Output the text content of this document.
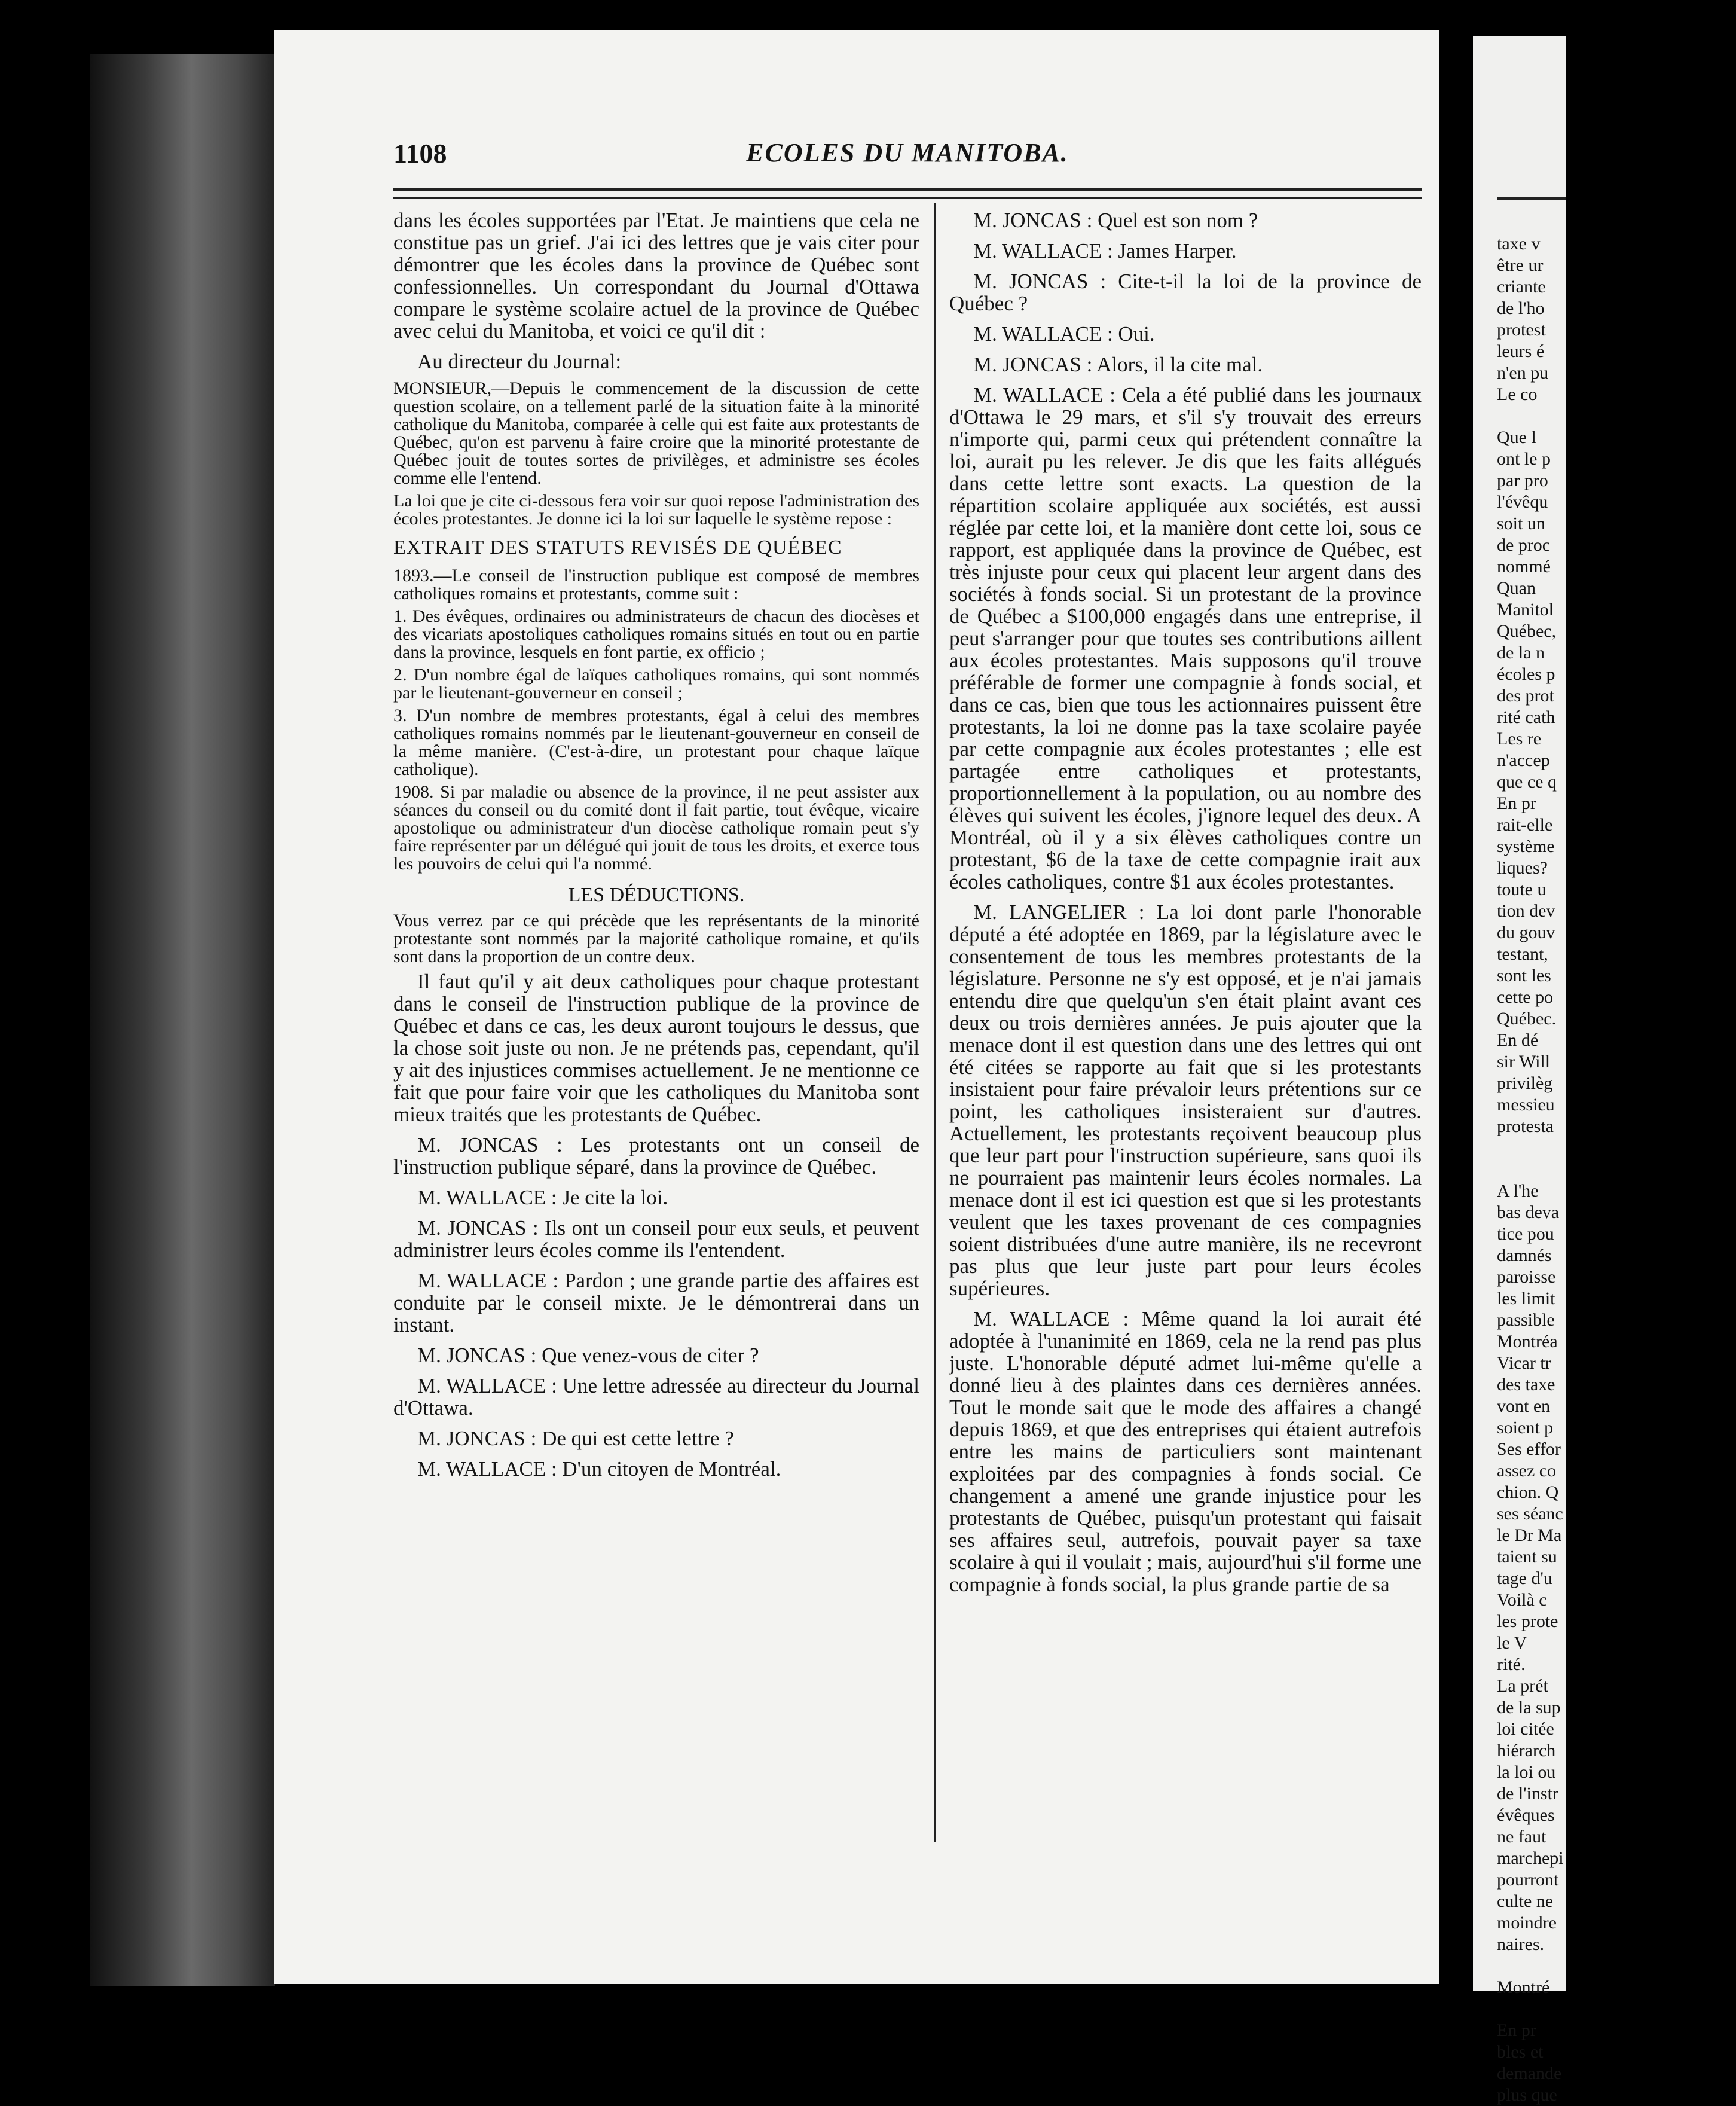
1108	ECOLES DU MANITOBA.

dans les écoles supportées par l'Etat. Je maintiens que cela ne constitue pas un grief. J'ai ici des lettres que je vais citer pour démontrer que les écoles dans la province de Québec sont confessionnelles. Un correspondant du Journal d'Ottawa compare le système scolaire actuel de la province de Québec avec celui du Manitoba, et voici ce qu'il dit :

Au directeur du Journal:

MONSIEUR,—Depuis le commencement de la discussion de cette question scolaire, on a tellement parlé de la situation faite à la minorité catholique du Manitoba, comparée à celle qui est faite aux protestants de Québec, qu'on est parvenu à faire croire que la minorité protestante de Québec jouit de toutes sortes de privilèges, et administre ses écoles comme elle l'entend.

La loi que je cite ci-dessous fera voir sur quoi repose l'administration des écoles protestantes. Je donne ici la loi sur laquelle le système repose :

EXTRAIT DES STATUTS REVISÉS DE QUÉBEC

1893.—Le conseil de l'instruction publique est composé de membres catholiques romains et protestants, comme suit :

1. Des évêques, ordinaires ou administrateurs de chacun des diocèses et des vicariats apostoliques catholiques romains situés en tout ou en partie dans la province, lesquels en font partie, ex officio ;

2. D'un nombre égal de laïques catholiques romains, qui sont nommés par le lieutenant-gouverneur en conseil ;

3. D'un nombre de membres protestants, égal à celui des membres catholiques romains nommés par le lieutenant-gouverneur en conseil de la même manière. (C'est-à-dire, un protestant pour chaque laïque catholique).

1908. Si par maladie ou absence de la province, il ne peut assister aux séances du conseil ou du comité dont il fait partie, tout évêque, vicaire apostolique ou administrateur d'un diocèse catholique romain peut s'y faire représenter par un délégué qui jouit de tous les droits, et exerce tous les pouvoirs de celui qui l'a nommé.

LES DÉDUCTIONS.

Vous verrez par ce qui précède que les représentants de la minorité protestante sont nommés par la majorité catholique romaine, et qu'ils sont dans la proportion de un contre deux.

Il faut qu'il y ait deux catholiques pour chaque protestant dans le conseil de l'instruction publique de la province de Québec et dans ce cas, les deux auront toujours le dessus, que la chose soit juste ou non. Je ne prétends pas, cependant, qu'il y ait des injustices commises actuellement. Je ne mentionne ce fait que pour faire voir que les catholiques du Manitoba sont mieux traités que les protestants de Québec.

M. JONCAS : Les protestants ont un conseil de l'instruction publique séparé, dans la province de Québec.

M. WALLACE : Je cite la loi.

M. JONCAS : Ils ont un conseil pour eux seuls, et peuvent administrer leurs écoles comme ils l'entendent.

M. WALLACE : Pardon ; une grande partie des affaires est conduite par le conseil mixte. Je le démontrerai dans un instant.

M. JONCAS : Que venez-vous de citer ?

M. WALLACE : Une lettre adressée au directeur du Journal d'Ottawa.

M. JONCAS : De qui est cette lettre ?

M. WALLACE : D'un citoyen de Montréal.

M. JONCAS : Quel est son nom ?

M. WALLACE : James Harper.

M. JONCAS : Cite-t-il la loi de la province de Québec ?

M. WALLACE : Oui.

M. JONCAS : Alors, il la cite mal.

M. WALLACE : Cela a été publié dans les journaux d'Ottawa le 29 mars, et s'il s'y trouvait des erreurs n'importe qui, parmi ceux qui prétendent connaître la loi, aurait pu les relever. Je dis que les faits allégués dans cette lettre sont exacts. La question de la répartition scolaire appliquée aux sociétés, est aussi réglée par cette loi, et la manière dont cette loi, sous ce rapport, est appliquée dans la province de Québec, est très injuste pour ceux qui placent leur argent dans des sociétés à fonds social. Si un protestant de la province de Québec a $100,000 engagés dans une entreprise, il peut s'arranger pour que toutes ses contributions aillent aux écoles protestantes. Mais supposons qu'il trouve préférable de former une compagnie à fonds social, et dans ce cas, bien que tous les actionnaires puissent être protestants, la loi ne donne pas la taxe scolaire payée par cette compagnie aux écoles protestantes ; elle est partagée entre catholiques et protestants, proportionnellement à la population, ou au nombre des élèves qui suivent les écoles, j'ignore lequel des deux. A Montréal, où il y a six élèves catholiques contre un protestant, $6 de la taxe de cette compagnie irait aux écoles catholiques, contre $1 aux écoles protestantes.

M. LANGELIER : La loi dont parle l'honorable député a été adoptée en 1869, par la législature avec le consentement de tous les membres protestants de la législature. Personne ne s'y est opposé, et je n'ai jamais entendu dire que quelqu'un s'en était plaint avant ces deux ou trois dernières années. Je puis ajouter que la menace dont il est question dans une des lettres qui ont été citées se rapporte au fait que si les protestants insistaient pour faire prévaloir leurs prétentions sur ce point, les catholiques insisteraient sur d'autres. Actuellement, les protestants reçoivent beaucoup plus que leur part pour l'instruction supérieure, sans quoi ils ne pourraient pas maintenir leurs écoles normales. La menace dont il est ici question est que si les protestants veulent que les taxes provenant de ces compagnies soient distribuées d'une autre manière, ils ne recevront pas plus que leur juste part pour leurs écoles supérieures.

M. WALLACE : Même quand la loi aurait été adoptée à l'unanimité en 1869, cela ne la rend pas plus juste. L'honorable député admet lui-même qu'elle a donné lieu à des plaintes dans ces dernières années. Tout le monde sait que le mode des affaires a changé depuis 1869, et que des entreprises qui étaient autrefois entre les mains de particuliers sont maintenant exploitées par des compagnies à fonds social. Ce changement a amené une grande injustice pour les protestants de Québec, puisqu'un protestant qui faisait ses affaires seul, autrefois, pouvait payer sa taxe scolaire à qui il voulait ; mais, aujourd'hui s'il forme une compagnie à fonds social, la plus grande partie de sa

taxe v
être ur
criante
de l'ho
protest
leurs é
n'en pu
Le co

Que l
ont le p
par pro
l'évêqu
soit un
de proc
nommé
Quan
Manitol
Québec,
de la n
écoles p
des prot
rité cath
Les re
n'accep
que ce q
En pr
rait-elle
système
liques?
toute u
tion dev
du gouv
testant,
sont les
cette po
Québec.
En dé
sir Will
privilèg
messieu
protesta

A l'he
bas deva
tice pou
damnés
paroisse
les limit
passible
Montréa
Vicar tr
des taxe
vont en
soient p
Ses effor
assez co
chion. Q
ses séanc
le Dr Ma
taient su
tage d'u
Voilà c
les prote
le V
rité.
La prét
de la sup
loi citée
hiérarch
la loi ou
de l'instr
évêques
ne faut
marchepi
pourront
culte ne
moindre
naires.

Montré

En pr
bles et
demande
plus que
